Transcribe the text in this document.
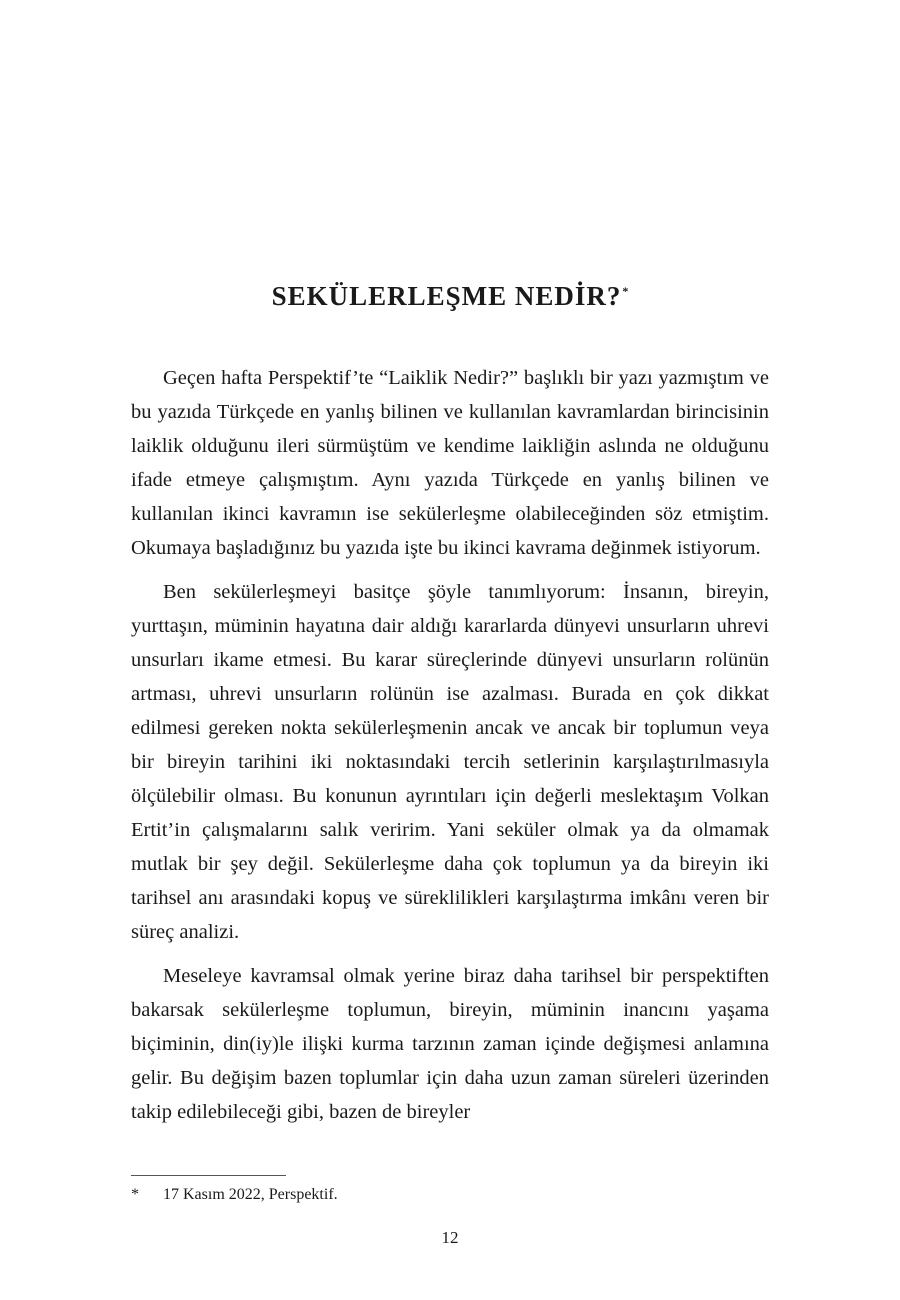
SEKÜLERLEŞME NEDİR?*

Geçen hafta Perspektif’te “Laiklik Nedir?” başlıklı bir yazı yazmıştım ve bu yazıda Türkçede en yanlış bilinen ve kullanılan kavramlardan birincisinin laiklik olduğunu ileri sürmüştüm ve kendime laikliğin aslında ne olduğunu ifade etmeye çalışmıştım. Aynı yazıda Türkçede en yanlış bilinen ve kullanılan ikinci kavramın ise sekülerleşme olabileceğinden söz etmiştim. Okumaya başladığınız bu yazıda işte bu ikinci kavrama değinmek istiyorum.

Ben sekülerleşmeyi basitçe şöyle tanımlıyorum: İnsanın, bireyin, yurttaşın, müminin hayatına dair aldığı kararlarda dünyevi unsurların uhrevi unsurları ikame etmesi. Bu karar süreçlerinde dünyevi unsurların rolünün artması, uhrevi unsurların rolünün ise azalması. Burada en çok dikkat edilmesi gereken nokta sekülerleşmenin ancak ve ancak bir toplumun veya bir bireyin tarihini iki noktasındaki tercih setlerinin karşılaştırılmasıyla ölçülebilir olması. Bu konunun ayrıntıları için değerli meslektaşım Volkan Ertit’in çalışmalarını salık veririm. Yani seküler olmak ya da olmamak mutlak bir şey değil. Sekülerleşme daha çok toplumun ya da bireyin iki tarihsel anı arasındaki kopuş ve süreklilikleri karşılaştırma imkânı veren bir süreç analizi.

Meseleye kavramsal olmak yerine biraz daha tarihsel bir perspektiften bakarsak sekülerleşme toplumun, bireyin, müminin inancını yaşama biçiminin, din(iy)le ilişki kurma tarzının zaman içinde değişmesi anlamına gelir. Bu değişim bazen toplumlar için daha uzun zaman süreleri üzerinden takip edilebileceği gibi, bazen de bireyler

* 17 Kasım 2022, Perspektif.
12
